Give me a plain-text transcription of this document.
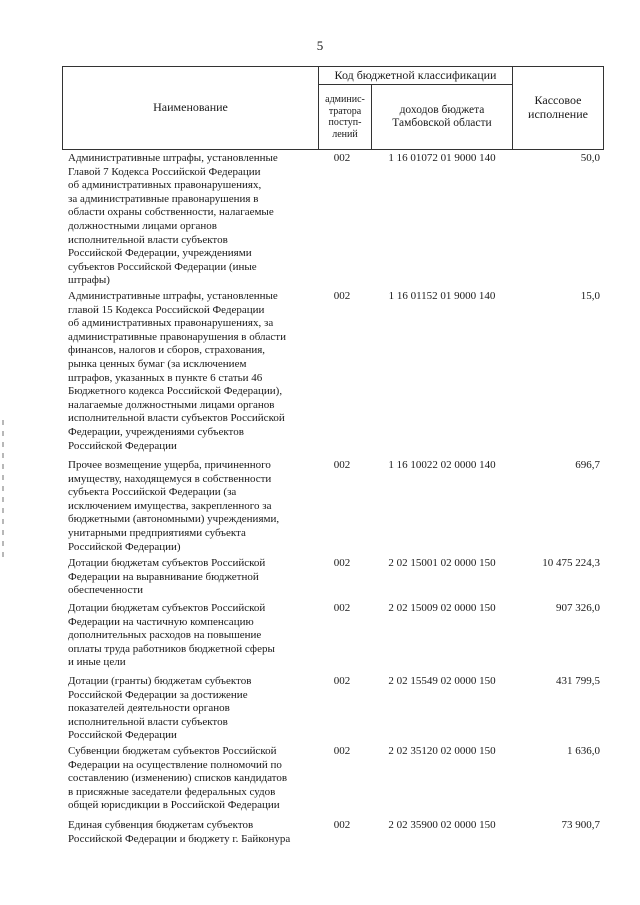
5
Наименование
Код бюджетной классификации
админис-
тратора
поступ-
лений
доходов бюджета
Тамбовской области
Кассовое
исполнение
Административные штрафы, установленные
Главой 7 Кодекса Российской Федерации
об административных правонарушениях,
за административные правонарушения в
области охраны собственности, налагаемые
должностными лицами органов
исполнительной власти субъектов
Российской Федерации, учреждениями
субъектов Российской Федерации (иные
штрафы)
002	1 16 01072 01 9000 140	50,0
Административные штрафы, установленные
главой 15 Кодекса Российской Федерации
об административных правонарушениях, за
административные правонарушения в области
финансов, налогов и сборов, страхования,
рынка ценных бумаг (за исключением
штрафов, указанных в пункте 6 статьи 46
Бюджетного кодекса Российской Федерации),
налагаемые должностными лицами органов
исполнительной власти субъектов Российской
Федерации, учреждениями субъектов
Российской Федерации
002	1 16 01152 01 9000 140	15,0
Прочее возмещение ущерба, причиненного
имуществу, находящемуся в собственности
субъекта Российской Федерации (за
исключением имущества, закрепленного за
бюджетными (автономными) учреждениями,
унитарными предприятиями субъекта
Российской Федерации)
002	1 16 10022 02 0000 140	696,7
Дотации бюджетам субъектов Российской
Федерации на выравнивание бюджетной
обеспеченности
002	2 02 15001 02 0000 150	10 475 224,3
Дотации бюджетам субъектов Российской
Федерации на частичную компенсацию
дополнительных расходов на повышение
оплаты труда работников бюджетной сферы
и иные цели
002	2 02 15009 02 0000 150	907 326,0
Дотации (гранты) бюджетам субъектов
Российской Федерации за достижение
показателей деятельности органов
исполнительной власти субъектов
Российской Федерации
002	2 02 15549 02 0000 150	431 799,5
Субвенции бюджетам субъектов Российской
Федерации на осуществление полномочий по
составлению (изменению) списков кандидатов
в присяжные заседатели федеральных судов
общей юрисдикции в Российской Федерации
002	2 02 35120 02 0000 150	1 636,0
Единая субвенция бюджетам субъектов
Российской Федерации и бюджету г. Байконура
002	2 02 35900 02 0000 150	73 900,7
